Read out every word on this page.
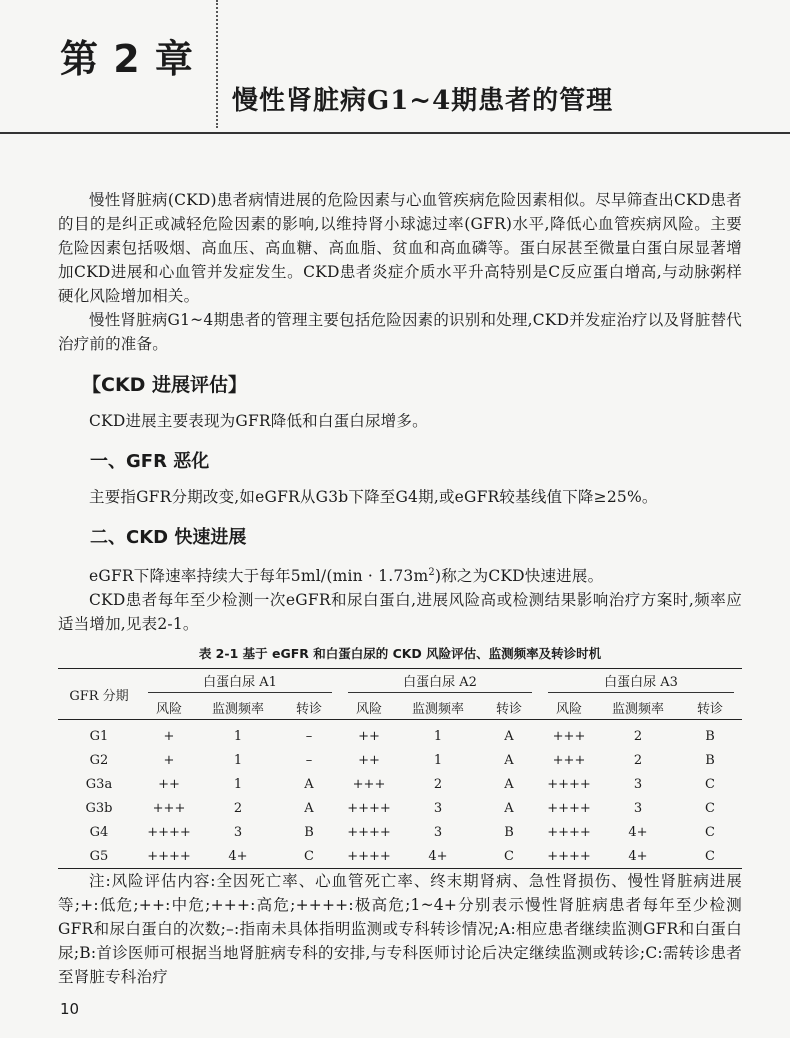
第 2 章
慢性肾脏病G1~4期患者的管理

慢性肾脏病(CKD)患者病情进展的危险因素与心血管疾病危险因素相似。尽早筛查出CKD患者的目的是纠正或减轻危险因素的影响,以维持肾小球滤过率(GFR)水平,降低心血管疾病风险。主要危险因素包括吸烟、高血压、高血糖、高血脂、贫血和高血磷等。蛋白尿甚至微量白蛋白尿显著增加CKD进展和心血管并发症发生。CKD患者炎症介质水平升高特别是C反应蛋白增高,与动脉粥样硬化风险增加相关。

慢性肾脏病G1~4期患者的管理主要包括危险因素的识别和处理,CKD并发症治疗以及肾脏替代治疗前的准备。

【CKD 进展评估】

CKD进展主要表现为GFR降低和白蛋白尿增多。

一、GFR 恶化

主要指GFR分期改变,如eGFR从G3b下降至G4期,或eGFR较基线值下降≥25%。

二、CKD 快速进展

eGFR下降速率持续大于每年$5ml/(\min \cdot 1.73m^2)$称之为CKD快速进展。

CKD患者每年至少检测一次eGFR和尿白蛋白,进展风险高或检测结果影响治疗方案时,频率应适当增加,见表2-1。

表 2-1 基于 eGFR 和白蛋白尿的 CKD 风险评估、监测频率及转诊时机
GFR 分期	白蛋白尿 A1			白蛋白尿 A2			白蛋白尿 A3		

	风险	监测频率	转诊	风险	监测频率	转诊	风险	监测频率	转诊
G1	+	1	–	++	1	A	+++	2	B
G2	+	1	–	++	1	A	+++	2	B
G3a	++	1	A	+++	2	A	++++	3	C
G3b	+++	2	A	++++	3	A	++++	3	C
G4	++++	3	B	++++	3	B	++++	4+	C
G5	++++	4+	C	++++	4+	C	++++	4+	C

注:风险评估内容:全因死亡率、心血管死亡率、终末期肾病、急性肾损伤、慢性肾脏病进展等;+:低危;++:中危;+++:高危;++++:极高危;1~4+分别表示慢性肾脏病患者每年至少检测GFR和尿白蛋白的次数;–:指南未具体指明监测或专科转诊情况;A:相应患者继续监测GFR和白蛋白尿;B:首诊医师可根据当地肾脏病专科的安排,与专科医师讨论后决定继续监测或转诊;C:需转诊患者至肾脏专科治疗

10
